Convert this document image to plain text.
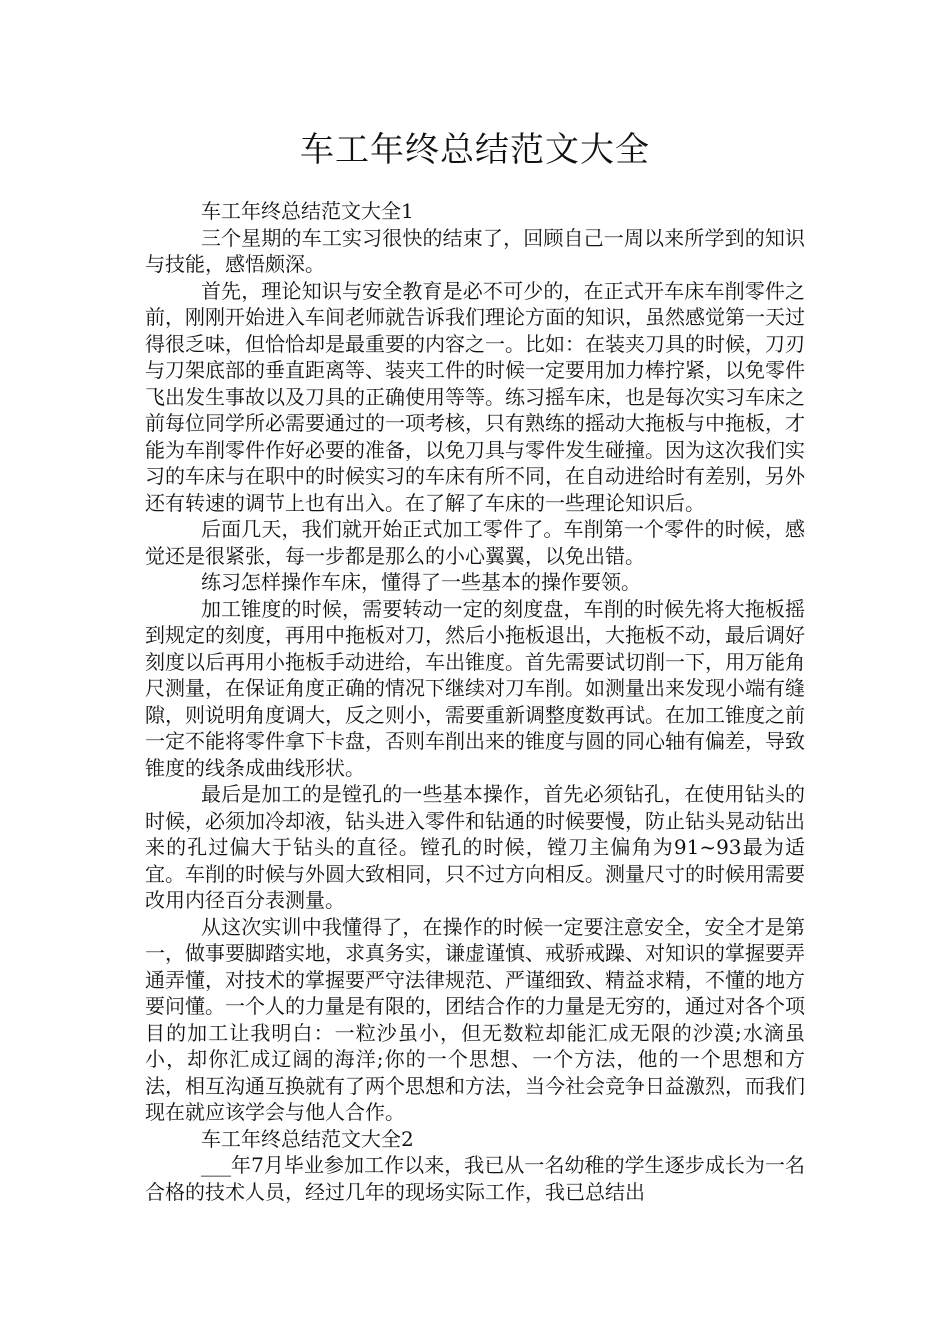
车工年终总结范文大全

车工年终总结范文大全1

三个星期的车工实习很快的结束了，回顾自己一周以来所学到的知识与技能，感悟颇深。

首先，理论知识与安全教育是必不可少的，在正式开车床车削零件之前，刚刚开始进入车间老师就告诉我们理论方面的知识，虽然感觉第一天过得很乏味，但恰恰却是最重要的内容之一。比如：在装夹刀具的时候，刀刃与刀架底部的垂直距离等、装夹工件的时候一定要用加力棒拧紧，以免零件飞出发生事故以及刀具的正确使用等等。练习摇车床，也是每次实习车床之前每位同学所必需要通过的一项考核，只有熟练的摇动大拖板与中拖板，才能为车削零件作好必要的准备，以免刀具与零件发生碰撞。因为这次我们实习的车床与在职中的时候实习的车床有所不同，在自动进给时有差别，另外还有转速的调节上也有出入。在了解了车床的一些理论知识后。

后面几天，我们就开始正式加工零件了。车削第一个零件的时候，感觉还是很紧张，每一步都是那么的小心翼翼，以免出错。

练习怎样操作车床，懂得了一些基本的操作要领。

加工锥度的时候，需要转动一定的刻度盘，车削的时候先将大拖板摇到规定的刻度，再用中拖板对刀，然后小拖板退出，大拖板不动，最后调好刻度以后再用小拖板手动进给，车出锥度。首先需要试切削一下，用万能角尺测量，在保证角度正确的情况下继续对刀车削。如测量出来发现小端有缝隙，则说明角度调大，反之则小，需要重新调整度数再试。在加工锥度之前一定不能将零件拿下卡盘，否则车削出来的锥度与圆的同心轴有偏差，导致锥度的线条成曲线形状。

最后是加工的是镗孔的一些基本操作，首先必须钻孔，在使用钻头的时候，必须加冷却液，钻头进入零件和钻通的时候要慢，防止钻头晃动钻出来的孔过偏大于钻头的直径。镗孔的时候，镗刀主偏角为91~93最为适宜。车削的时候与外圆大致相同，只不过方向相反。测量尺寸的时候用需要改用内径百分表测量。

从这次实训中我懂得了，在操作的时候一定要注意安全，安全才是第一，做事要脚踏实地，求真务实，谦虚谨慎、戒骄戒躁、对知识的掌握要弄通弄懂，对技术的掌握要严守法律规范、严谨细致、精益求精，不懂的地方要问懂。一个人的力量是有限的，团结合作的力量是无穷的，通过对各个项目的加工让我明白：一粒沙虽小，但无数粒却能汇成无限的沙漠;水滴虽小，却你汇成辽阔的海洋;你的一个思想、一个方法，他的一个思想和方法，相互沟通互换就有了两个思想和方法，当今社会竞争日益激烈，而我们现在就应该学会与他人合作。

车工年终总结范文大全2

___年7月毕业参加工作以来，我已从一名幼稚的学生逐步成长为一名合格的技术人员，经过几年的现场实际工作，我已总结出
